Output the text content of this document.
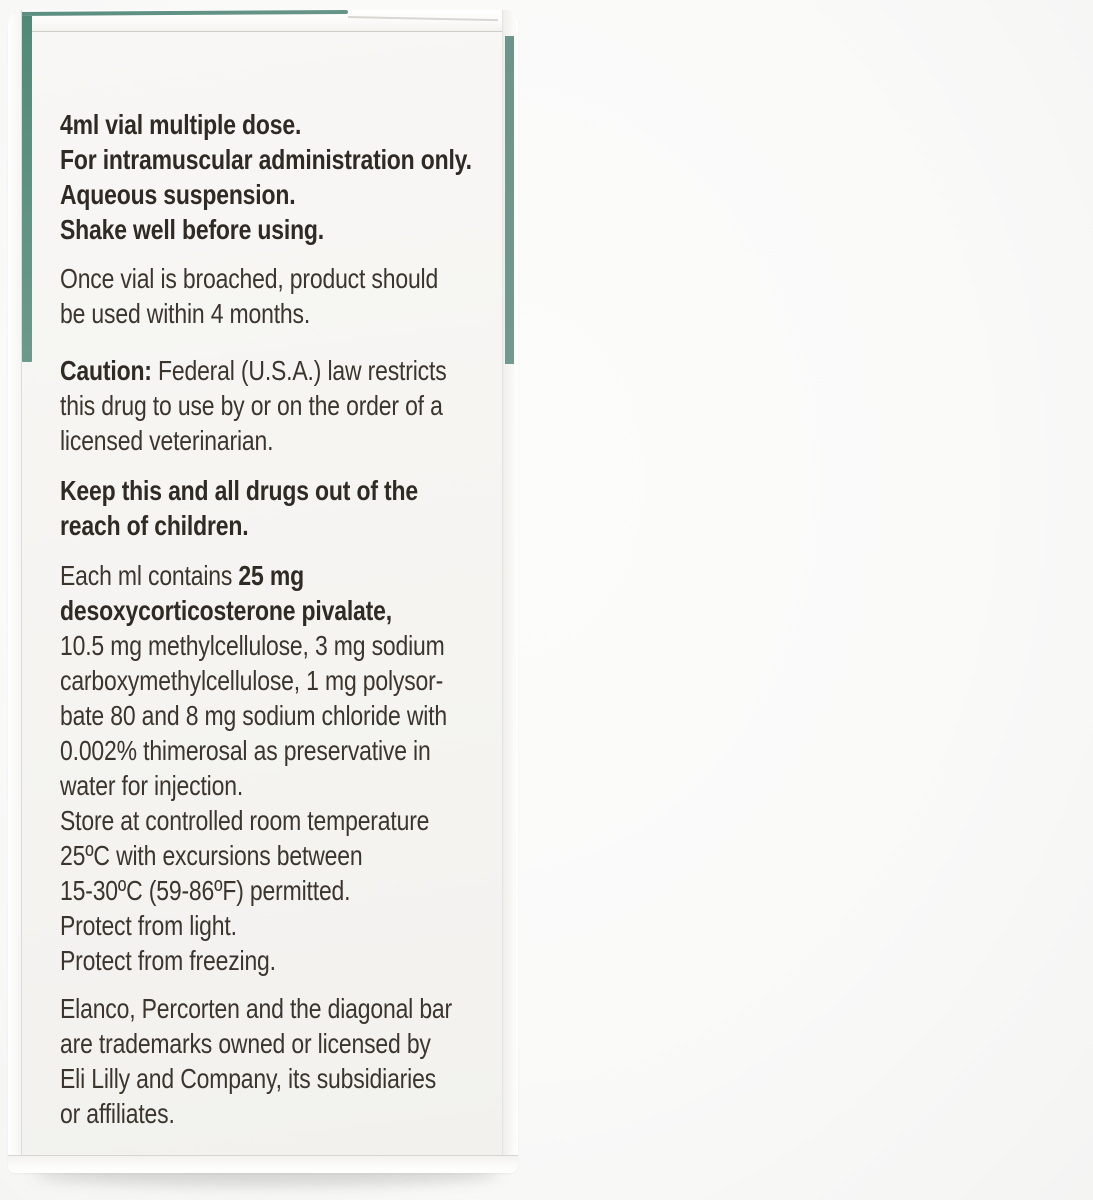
4ml vial multiple dose.
For intramuscular administration only.
Aqueous suspension.
Shake well before using.
Once vial is broached, product should
be used within 4 months.
Caution: Federal (U.S.A.) law restricts
this drug to use by or on the order of a
licensed veterinarian.
Keep this and all drugs out of the
reach of children.
Each ml contains 25 mg
desoxycorticosterone pivalate,
10.5 mg methylcellulose, 3 mg sodium
carboxymethylcellulose, 1 mg polysor-
bate 80 and 8 mg sodium chloride with
0.002% thimerosal as preservative in
water for injection.
Store at controlled room temperature
25ºC with excursions between
15-30ºC (59-86ºF) permitted.
Protect from light.
Protect from freezing.
Elanco, Percorten and the diagonal bar
are trademarks owned or licensed by
Eli Lilly and Company, its subsidiaries
or affiliates.
